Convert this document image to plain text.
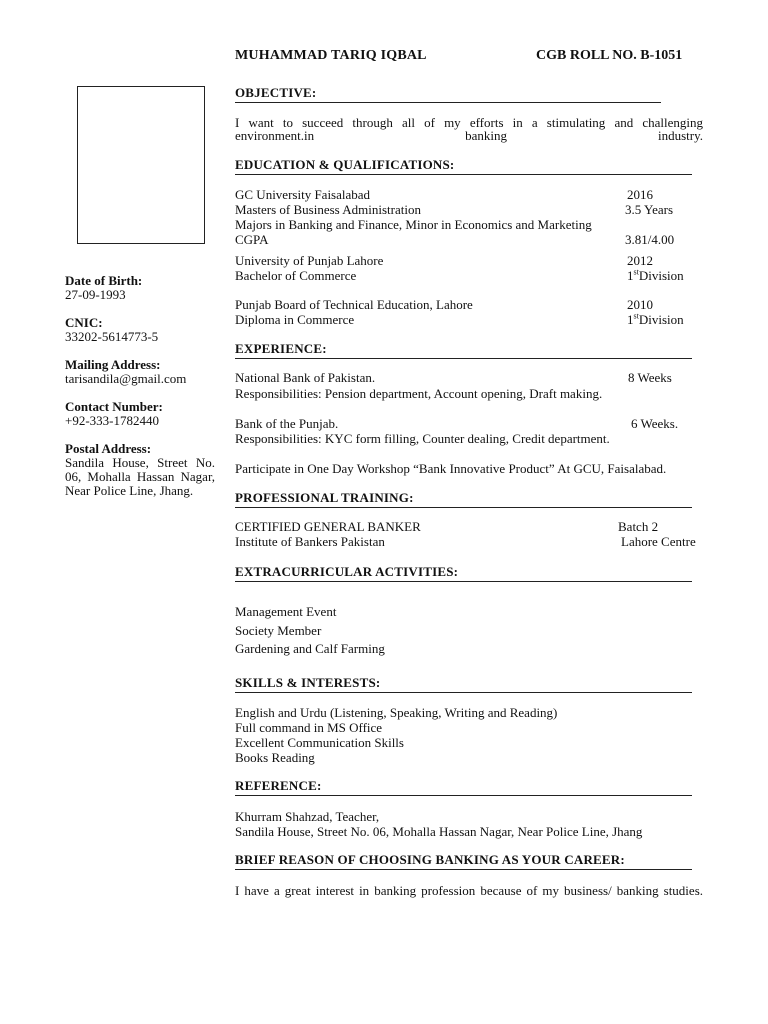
MUHAMMAD TARIQ IQBAL	CGB ROLL NO. B-1051
Date of Birth:
27-09-1993
CNIC:
33202-5614773-5
Mailing Address:
tarisandila@gmail.com
Contact Number:
+92-333-1782440
Postal Address:
Sandila House, Street No. 06, Mohalla Hassan Nagar, Near Police Line, Jhang.
OBJECTIVE:
I want to succeed through all of my efforts in a stimulating and challenging environment.in banking industry.
EDUCATION & QUALIFICATIONS:
GC University Faisalabad	2016
Masters of Business Administration	3.5 Years
Majors in Banking and Finance, Minor in Economics and Marketing
CGPA	3.81/4.00
University of Punjab Lahore	2012
Bachelor of Commerce	1stDivision
Punjab Board of Technical Education, Lahore	2010
Diploma in Commerce	1stDivision
EXPERIENCE:
National Bank of Pakistan.	8 Weeks
Responsibilities: Pension department, Account opening, Draft making.
Bank of the Punjab.	6 Weeks.
Responsibilities: KYC form filling, Counter dealing, Credit department.
Participate in One Day Workshop “Bank Innovative Product” At GCU, Faisalabad.
PROFESSIONAL TRAINING:
CERTIFIED GENERAL BANKER	Batch 2
Institute of Bankers Pakistan	Lahore Centre
EXTRACURRICULAR ACTIVITIES:
Management Event
Society Member
Gardening and Calf Farming
SKILLS & INTERESTS:
English and Urdu (Listening, Speaking, Writing and Reading)
Full command in MS Office
Excellent Communication Skills
Books Reading
REFERENCE:
Khurram Shahzad, Teacher,
Sandila House, Street No. 06, Mohalla Hassan Nagar, Near Police Line, Jhang
BRIEF REASON OF CHOOSING BANKING AS YOUR CAREER:
I have a great interest in banking profession because of my business/ banking studies.
